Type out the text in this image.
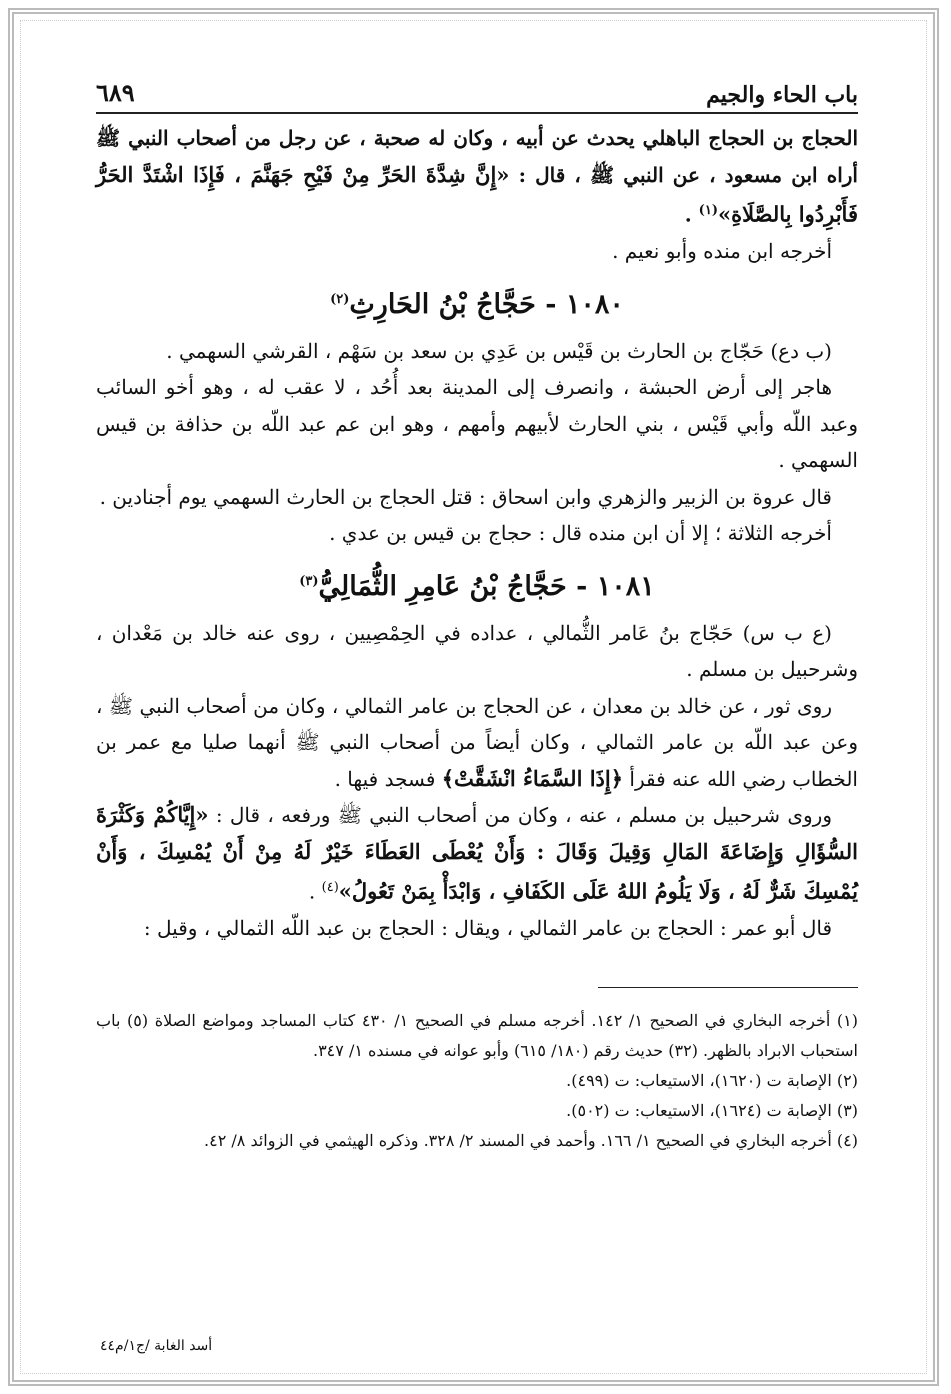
باب الحاء والجيم
٦٨٩

الحجاج بن الحجاج الباهلي يحدث عن أبيه ، وكان له صحبة ، عن رجل من أصحاب النبي ﷺ أراه ابن مسعود ، عن النبي ﷺ ، قال : «إِنَّ شِدَّةَ الحَرِّ مِنْ فَيْحِ جَهَنَّمَ ، فَإِذَا اشْتَدَّ الحَرُّ فَأَبْرِدُوا بِالصَّلَاةِ»$^{(١)}$ .

أخرجه ابن منده وأبو نعيم .

١٠٨٠ - حَجَّاجُ بْنُ الحَارِثِ$^{(٢)}$

(ب دع) حَجّاج بن الحارث بن قَيْس بن عَدِي بن سعد بن سَهْم ، القرشي السهمي .

هاجر إلى أرض الحبشة ، وانصرف إلى المدينة بعد أُحُد ، لا عقب له ، وهو أخو السائب وعبد اللّه وأبي قَيْس ، بني الحارث لأبيهم وأمهم ، وهو ابن عم عبد اللّه بن حذافة بن قيس السهمي .

قال عروة بن الزبير والزهري وابن اسحاق : قتل الحجاج بن الحارث السهمي يوم أجنادين .

أخرجه الثلاثة ؛ إلا أن ابن منده قال : حجاج بن قيس بن عدي .

١٠٨١ - حَجَّاجُ بْنُ عَامِرِ الثُّمَالِيُّ$^{(٣)}$

(ع ب س) حَجّاج بنُ عَامر الثُّمالي ، عداده في الحِمْصِيين ، روى عنه خالد بن مَعْدان ، وشرحبيل بن مسلم .

روى ثور ، عن خالد بن معدان ، عن الحجاج بن عامر الثمالي ، وكان من أصحاب النبي ﷺ ، وعن عبد اللّه بن عامر الثمالي ، وكان أيضاً من أصحاب النبي ﷺ أنهما صليا مع عمر بن الخطاب رضي الله عنه فقرأ ﴿إِذَا السَّمَاءُ انْشَقَّتْ﴾ فسجد فيها .

وروى شرحبيل بن مسلم ، عنه ، وكان من أصحاب النبي ﷺ ورفعه ، قال : «إِيَّاكُمْ وَكَثْرَةَ السُّؤَالِ وَإِضَاعَةَ المَالِ وَقِيلَ وَقَالَ : وَأَنْ يُعْطَى العَطَاءَ خَيْرٌ لَهُ مِنْ أَنْ يُمْسِكَ ، وَأَنْ يُمْسِكَ شَرٌّ لَهُ ، وَلَا يَلُومُ اللهُ عَلَى الكَفَافِ ، وَابْدَأْ بِمَنْ تَعُولُ»$^{(٤)}$ .

قال أبو عمر : الحجاج بن عامر الثمالي ، ويقال : الحجاج بن عبد اللّه الثمالي ، وقيل :

(١) أخرجه البخاري في الصحيح ١/ ١٤٢. أخرجه مسلم في الصحيح ١/ ٤٣٠ كتاب المساجد ومواضع الصلاة (٥) باب استحباب الابراد بالظهر. (٣٢) حديث رقم (١٨٠/ ٦١٥) وأبو عوانه في مسنده ١/ ٣٤٧.

(٢) الإصابة ت (١٦٢٠)، الاستيعاب: ت (٤٩٩).

(٣) الإصابة ت (١٦٢٤)، الاستيعاب: ت (٥٠٢).

(٤) أخرجه البخاري في الصحيح ١/ ١٦٦. وأحمد في المسند ٢/ ٣٢٨. وذكره الهيثمي في الزوائد ٨/ ٤٢.

أسد الغابة /ج١/م٤٤
